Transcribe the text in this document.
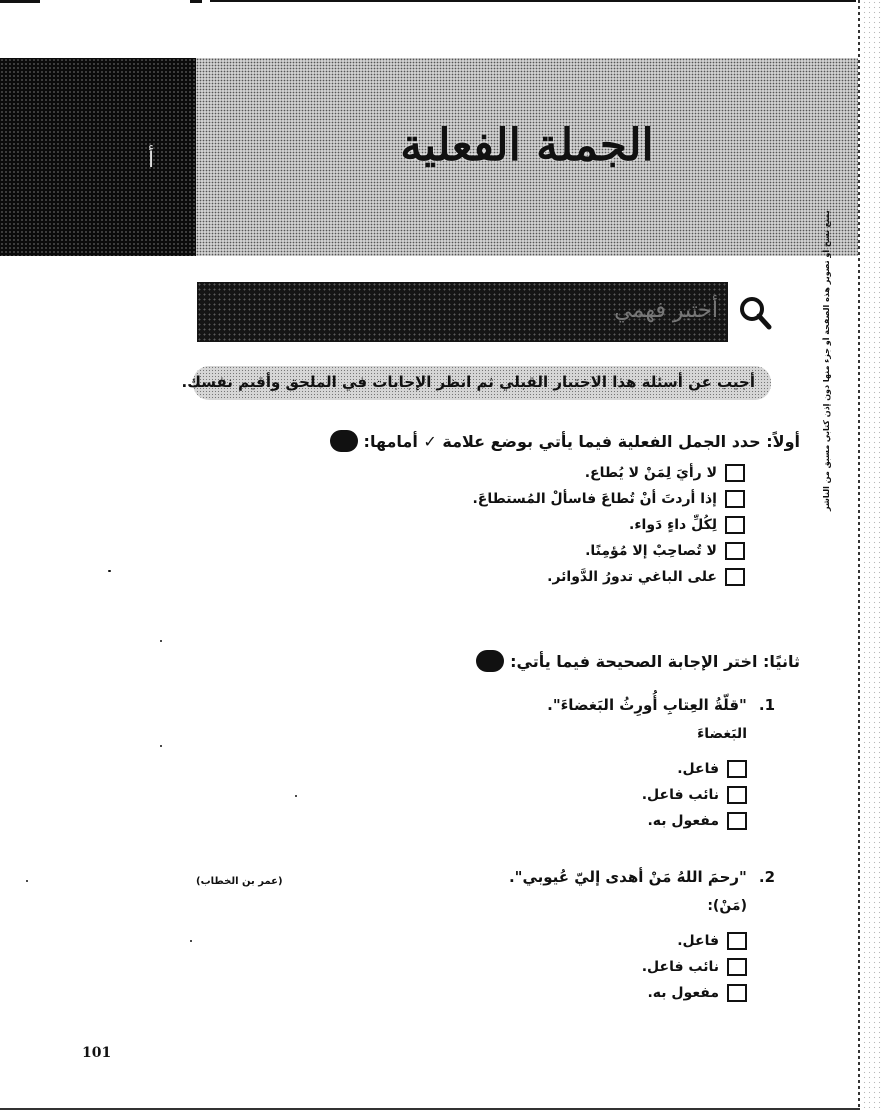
أ	الجملة الفعلية
يمنع نسخ أو تصوير هذه الصفحة أو جزء منها دون إذن كتابي مسبق من الناشر
أختبر فهمي
أجيب عن أسئلة هذا الاختبار القبلي ثم انظر الإجابات في الملحق وأقيم نفسك.
أولاً: حدد الجمل الفعلية فيما يأتي بوضع علامة ✓ أمامها:
لا رأيَ لِمَنْ لا يُطاع.
إذا أردتَ أنْ تُطاعَ فاسألْ المُستطاعَ.
لِكُلِّ داءٍ دَواء.
لا تُصاحِبْ إلا مُؤمِنًا.
على الباغي تدورُ الدَّوائر.
ثانيًا: اختر الإجابة الصحيحة فيما يأتي:
1.
"قلّةُ العِتابِ أُورِثُ البَغضاءَ".
البَغضاءَ
فاعل.
نائب فاعل.
مفعول به.
2.
"رحمَ اللهُ مَنْ أهدى إليّ عُيوبي".
(عمر بن الخطاب)
(مَنْ):
فاعل.
نائب فاعل.
مفعول به.
101
